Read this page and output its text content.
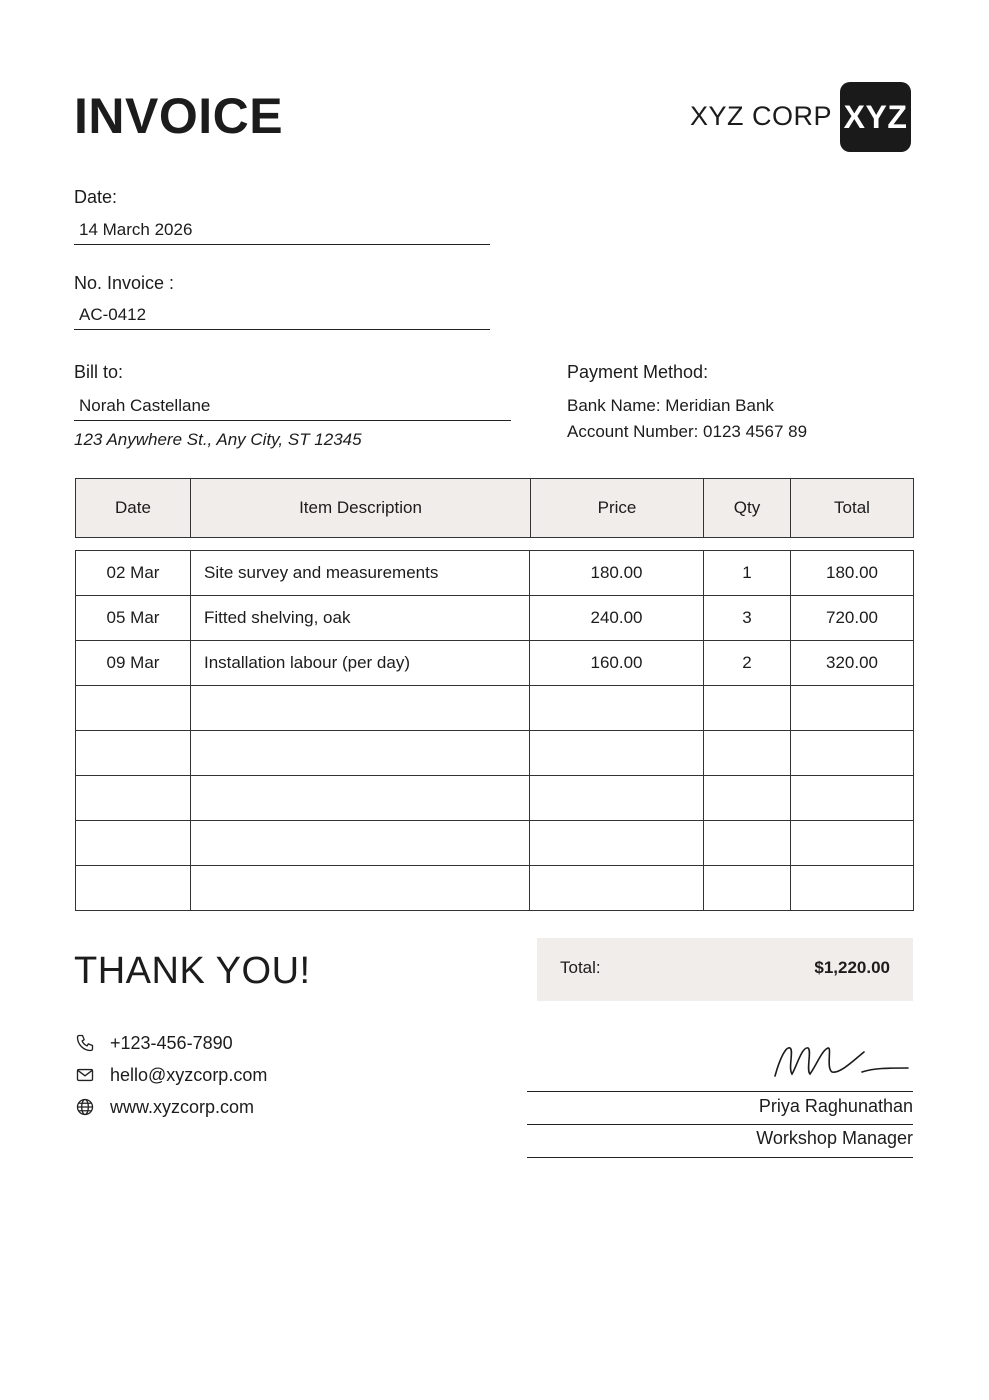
INVOICE	XYZ CORP XYZ
Date:
14 March 2026
No. Invoice :
AC-0412
Bill to:
Norah Castellane
123 Anywhere St., Any City, ST 12345
Payment Method:
Bank Name: Meridian Bank
Account Number: 0123 4567 89
Date	Item Description	Price	Qty	Total
02 Mar	Site survey and measurements	180.00	1	180.00
05 Mar	Fitted shelving, oak	240.00	3	720.00
09 Mar	Installation labour (per day)	160.00	2	320.00

THANK YOU!	Total:	$1,220.00
+123-456-7890
hello@xyzcorp.com
www.xyzcorp.com	Priya Raghunathan
Workshop Manager
